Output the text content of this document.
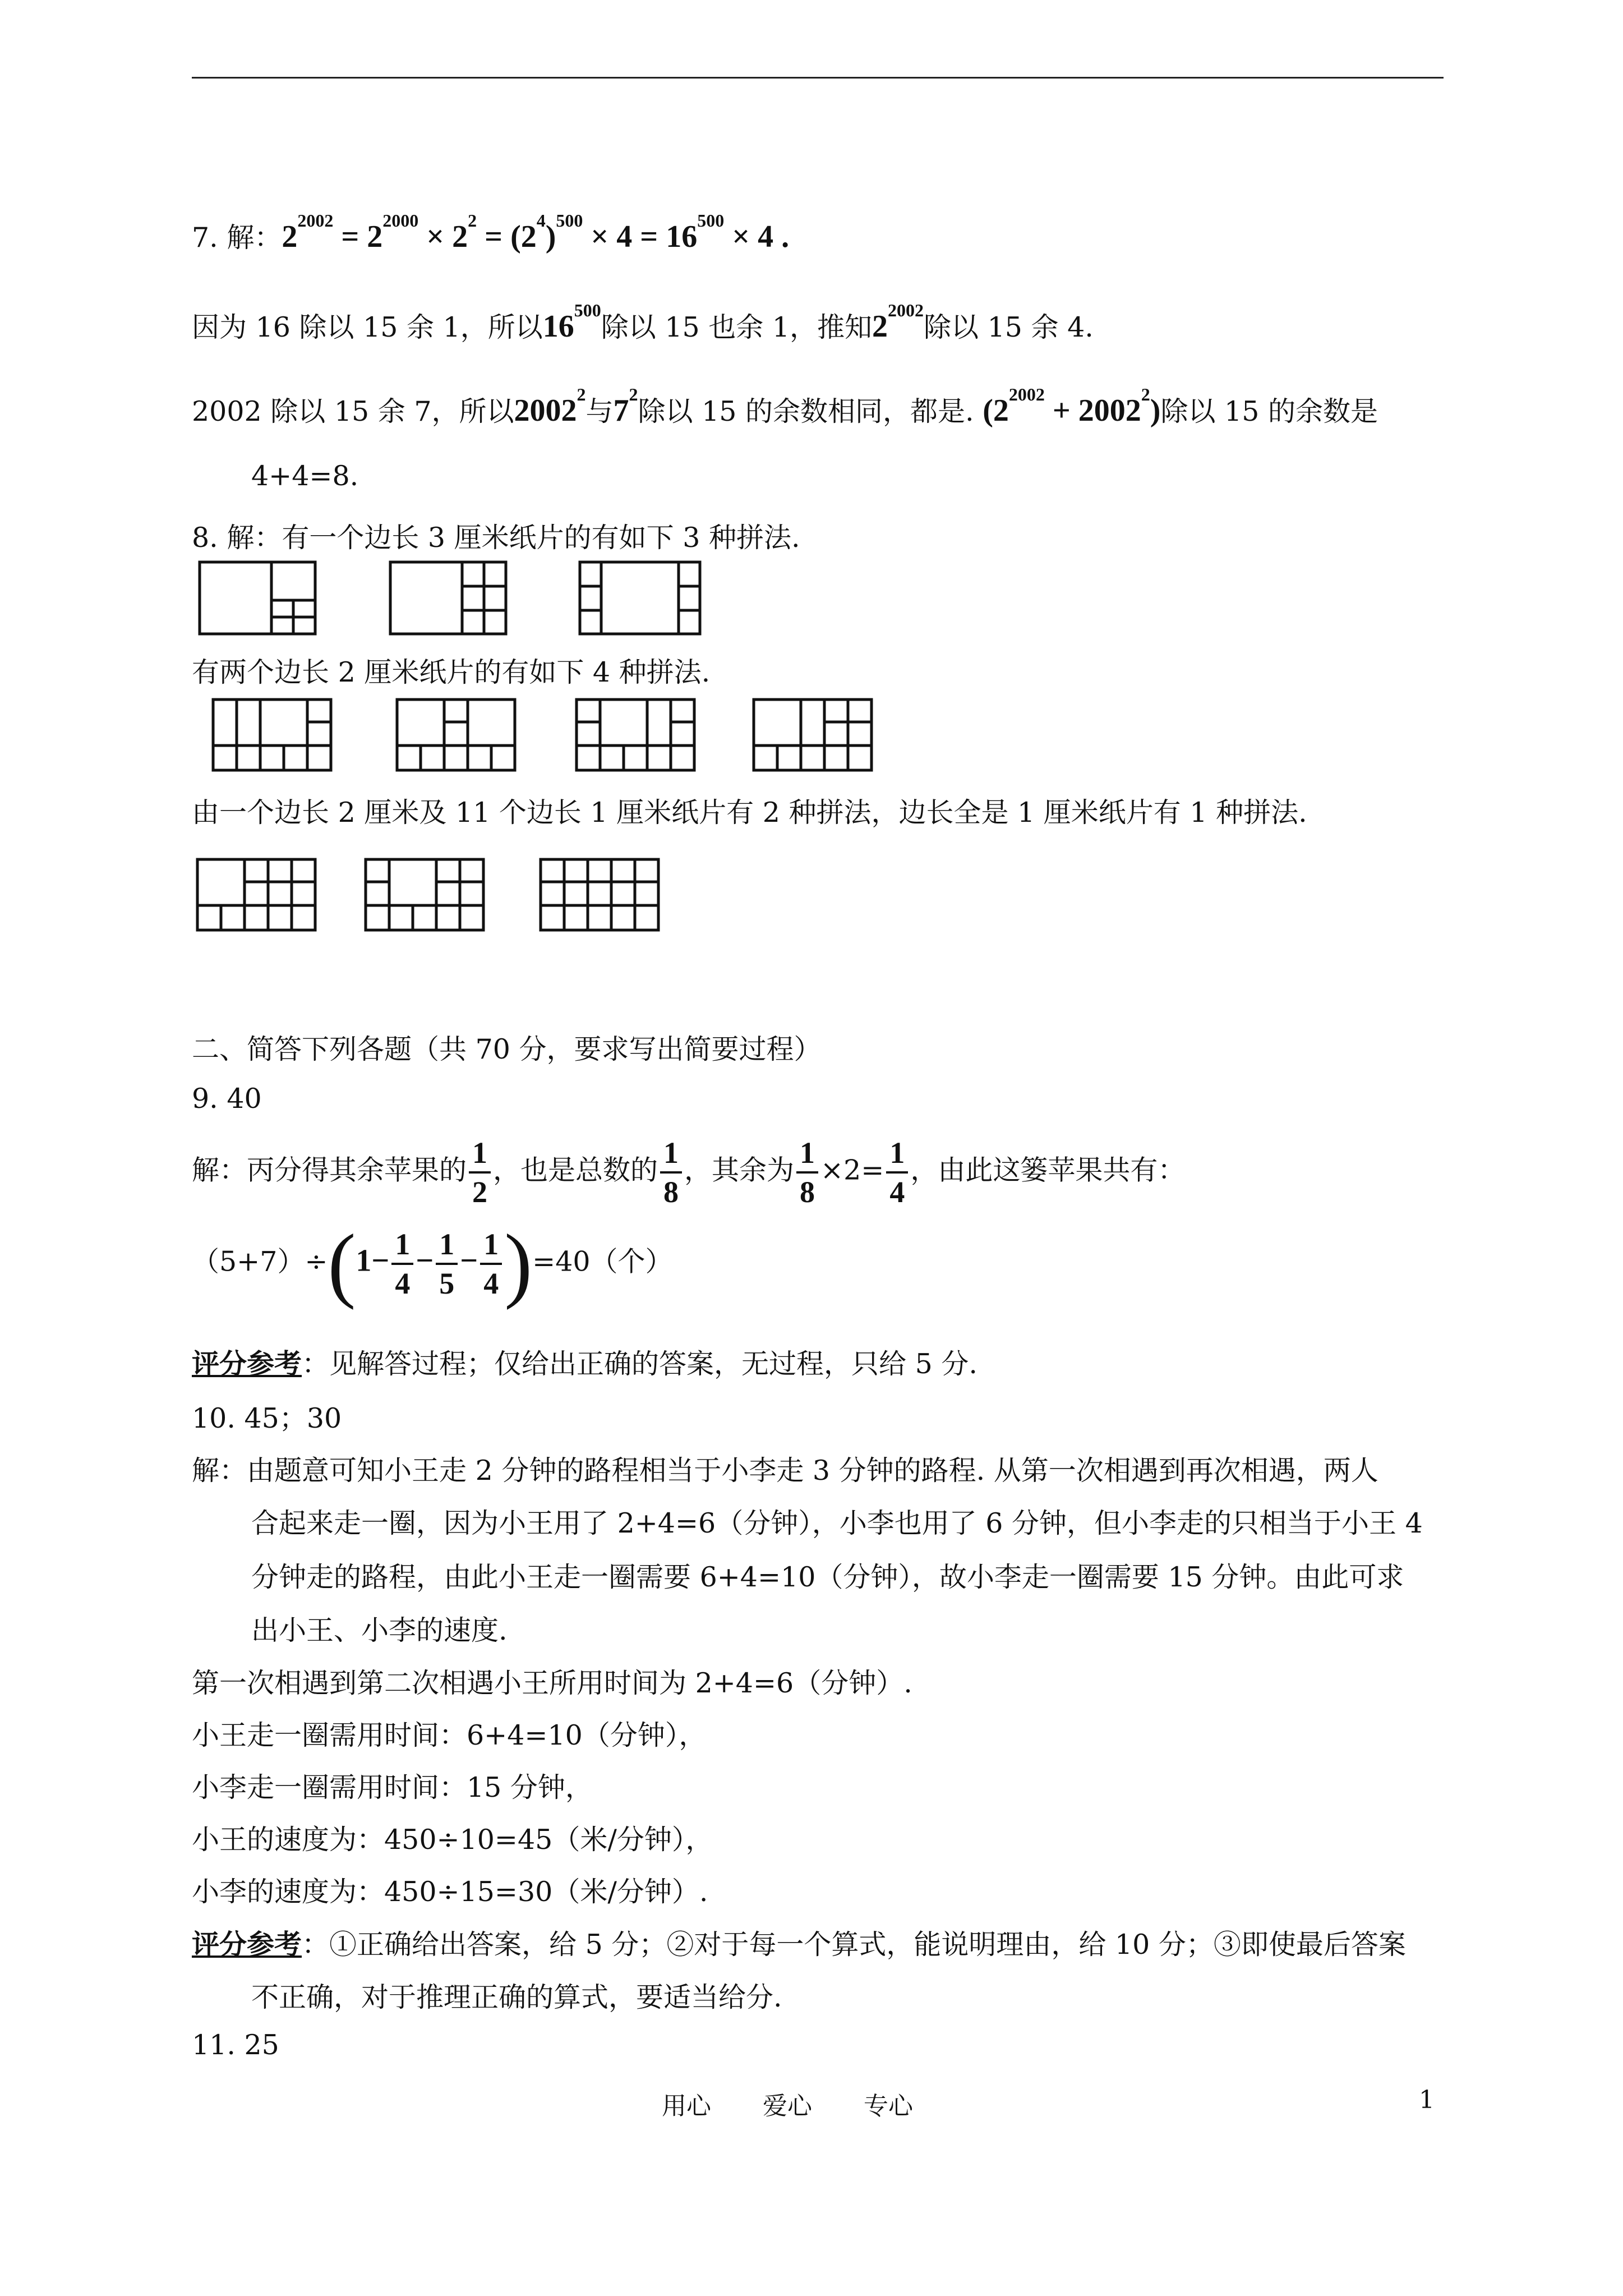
7. 解：$2^{2002} = 2^{2000} \times 2^2 = (2^4)^{500} \times 4 = 16^{500} \times 4$ .
因为 16 除以 15 余 1，所以$16^{500}$除以 15 也余 1，推知$2^{2002}$除以 15 余 4.
2002 除以 15 余 7，所以2002$^2$与$7^2$除以 15 的余数相同，都是. $(2^{2002} + 2002^2)$除以 15 的余数是
4+4=8.
8. 解：有一个边长 3 厘米纸片的有如下 3 种拼法.
有两个边长 2 厘米纸片的有如下 4 种拼法.
由一个边长 2 厘米及 11 个边长 1 厘米纸片有 2 种拼法，边长全是 1 厘米纸片有 1 种拼法.
二、简答下列各题（共 70 分，要求写出简要过程）
9. 40
解：丙分得其余苹果的 $\frac{1}{2}$ ，也是总数的 $\frac{1}{8}$ ，其余为 $\frac{1}{8} \times 2= \frac{1}{4}$ ，由此这篓苹果共有：
$(5+7)\div(1- \frac{1}{4} - \frac{1}{5} - \frac{1}{4} )=40$（个）
评分参考：见解答过程；仅给出正确的答案，无过程，只给 5 分.
10. 45；30
解：由题意可知小王走 2 分钟的路程相当于小李走 3 分钟的路程. 从第一次相遇到再次相遇，两人
合起来走一圈，因为小王用了 2+4=6（分钟），小李也用了 6 分钟，但小李走的只相当于小王 4
分钟走的路程，由此小王走一圈需要 6+4=10（分钟），故小李走一圈需要 15 分钟。由此可求
出小王、小李的速度.
第一次相遇到第二次相遇小王所用时间为 2+4=6（分钟）.
小王走一圈需用时间：6+4=10（分钟），
小李走一圈需用时间：15 分钟，
小王的速度为：450÷10=45（米/分钟），
小李的速度为：450÷15=30（米/分钟）.
评分参考：①正确给出答案，给 5 分；②对于每一个算式，能说明理由，给 10 分；③即使最后答案
不正确，对于推理正确的算式，要适当给分.
11. 25
用心 爱心 专心	1
